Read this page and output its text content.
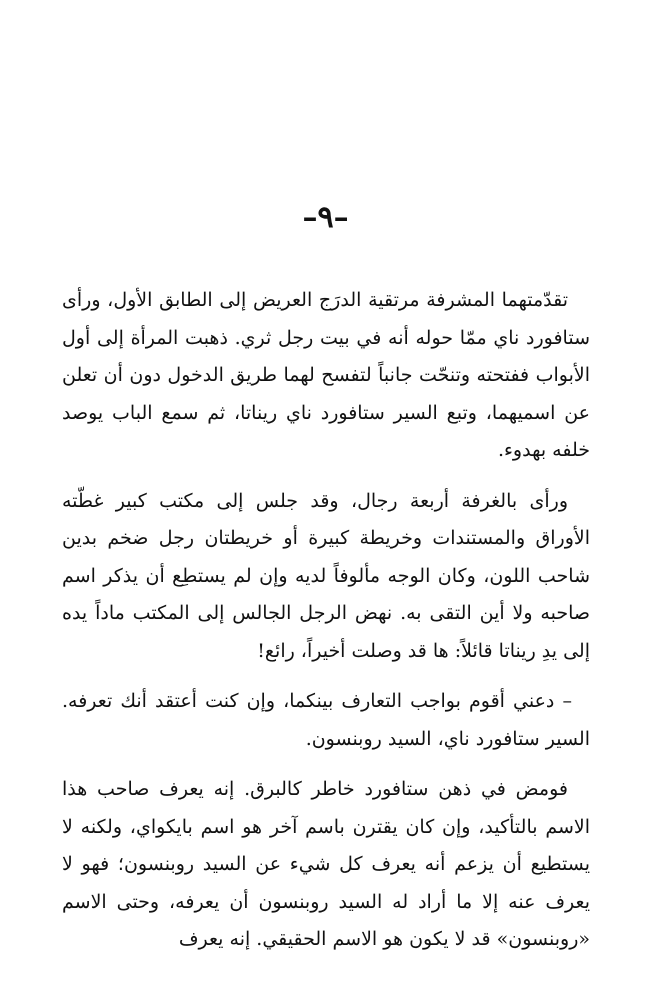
–٩–

تقدّمتهما المشرفة مرتقية الدرَج العريض إلى الطابق الأول، ورأى ستافورد ناي ممّا حوله أنه في بيت رجل ثري. ذهبت المرأة إلى أول الأبواب ففتحته وتنحّت جانباً لتفسح لهما طريق الدخول دون أن تعلن عن اسميهما، وتبع السير ستافورد ناي ريناتا، ثم سمع الباب يوصد خلفه بهدوء.

ورأى بالغرفة أربعة رجال، وقد جلس إلى مكتب كبير غطّته الأوراق والمستندات وخريطة كبيرة أو خريطتان رجل ضخم بدين شاحب اللون، وكان الوجه مألوفاً لديه وإن لم يستطِع أن يذكر اسم صاحبه ولا أين التقى به. نهض الرجل الجالس إلى المكتب ماداً يده إلى يدِ ريناتا قائلاً: ها قد وصلت أخيراً، رائع!

– دعني أقوم بواجب التعارف بينكما، وإن كنت أعتقد أنك تعرفه. السير ستافورد ناي، السيد روبنسون.

فومض في ذهن ستافورد خاطر كالبرق. إنه يعرف صاحب هذا الاسم بالتأكيد، وإن كان يقترن باسم آخر هو اسم بايكواي، ولكنه لا يستطيع أن يزعم أنه يعرف كل شيء عن السيد روبنسون؛ فهو لا يعرف عنه إلا ما أراد له السيد روبنسون أن يعرفه، وحتى الاسم «روبنسون» قد لا يكون هو الاسم الحقيقي. إنه يعرف
